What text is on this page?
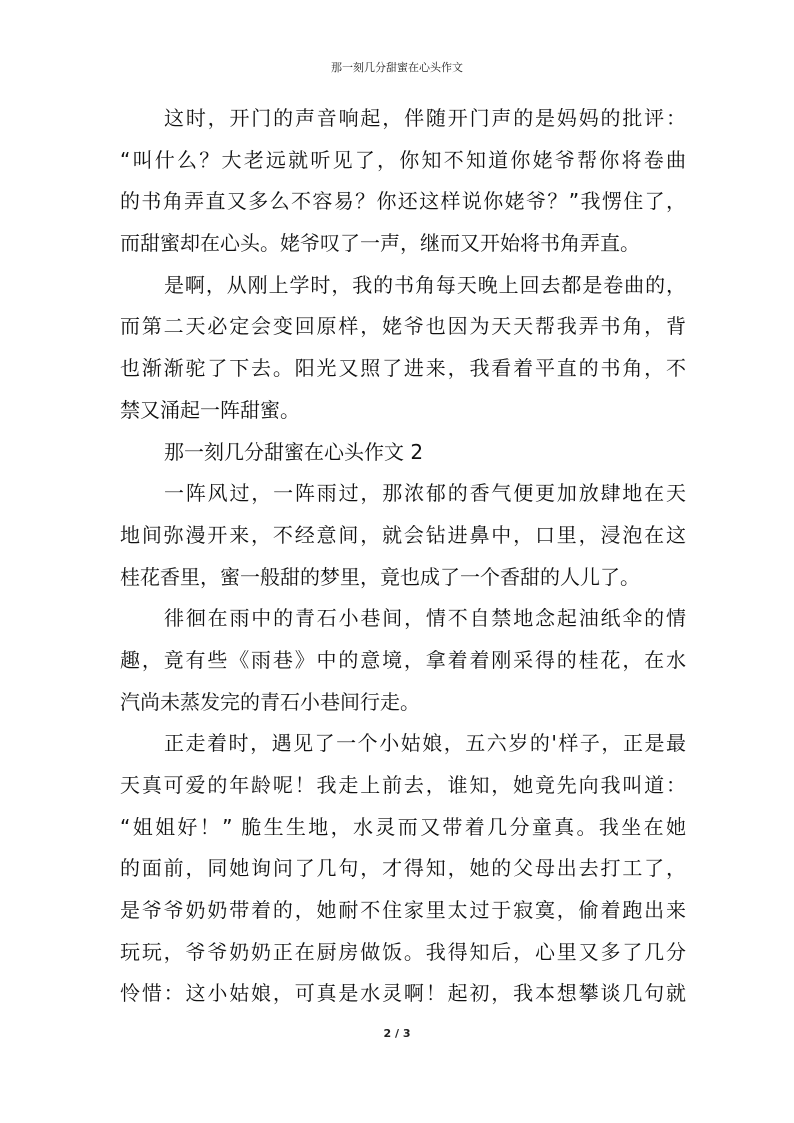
那一刻几分甜蜜在心头作文
这时，开门的声音响起，伴随开门声的是妈妈的批评：
“叫什么？大老远就听见了，你知不知道你姥爷帮你将卷曲
的书角弄直又多么不容易？你还这样说你姥爷？”我愣住了，
而甜蜜却在心头。姥爷叹了一声，继而又开始将书角弄直。
是啊，从刚上学时，我的书角每天晚上回去都是卷曲的，
而第二天必定会变回原样，姥爷也因为天天帮我弄书角，背
也渐渐驼了下去。阳光又照了进来，我看着平直的书角，不
禁又涌起一阵甜蜜。
那一刻几分甜蜜在心头作文 2
一阵风过，一阵雨过，那浓郁的香气便更加放肆地在天
地间弥漫开来，不经意间，就会钻进鼻中，口里，浸泡在这
桂花香里，蜜一般甜的梦里，竟也成了一个香甜的人儿了。
徘徊在雨中的青石小巷间，情不自禁地念起油纸伞的情
趣，竟有些《雨巷》中的意境，拿着着刚采得的桂花，在水
汽尚未蒸发完的青石小巷间行走。
正走着时，遇见了一个小姑娘，五六岁的'样子，正是最
天真可爱的年龄呢！我走上前去，谁知，她竟先向我叫道：
“姐姐好！” 脆生生地，水灵而又带着几分童真。我坐在她
的面前，同她询问了几句，才得知，她的父母出去打工了，
是爷爷奶奶带着的，她耐不住家里太过于寂寞，偷着跑出来
玩玩，爷爷奶奶正在厨房做饭。我得知后，心里又多了几分
怜惜：这小姑娘，可真是水灵啊！起初，我本想攀谈几句就
2 / 3
